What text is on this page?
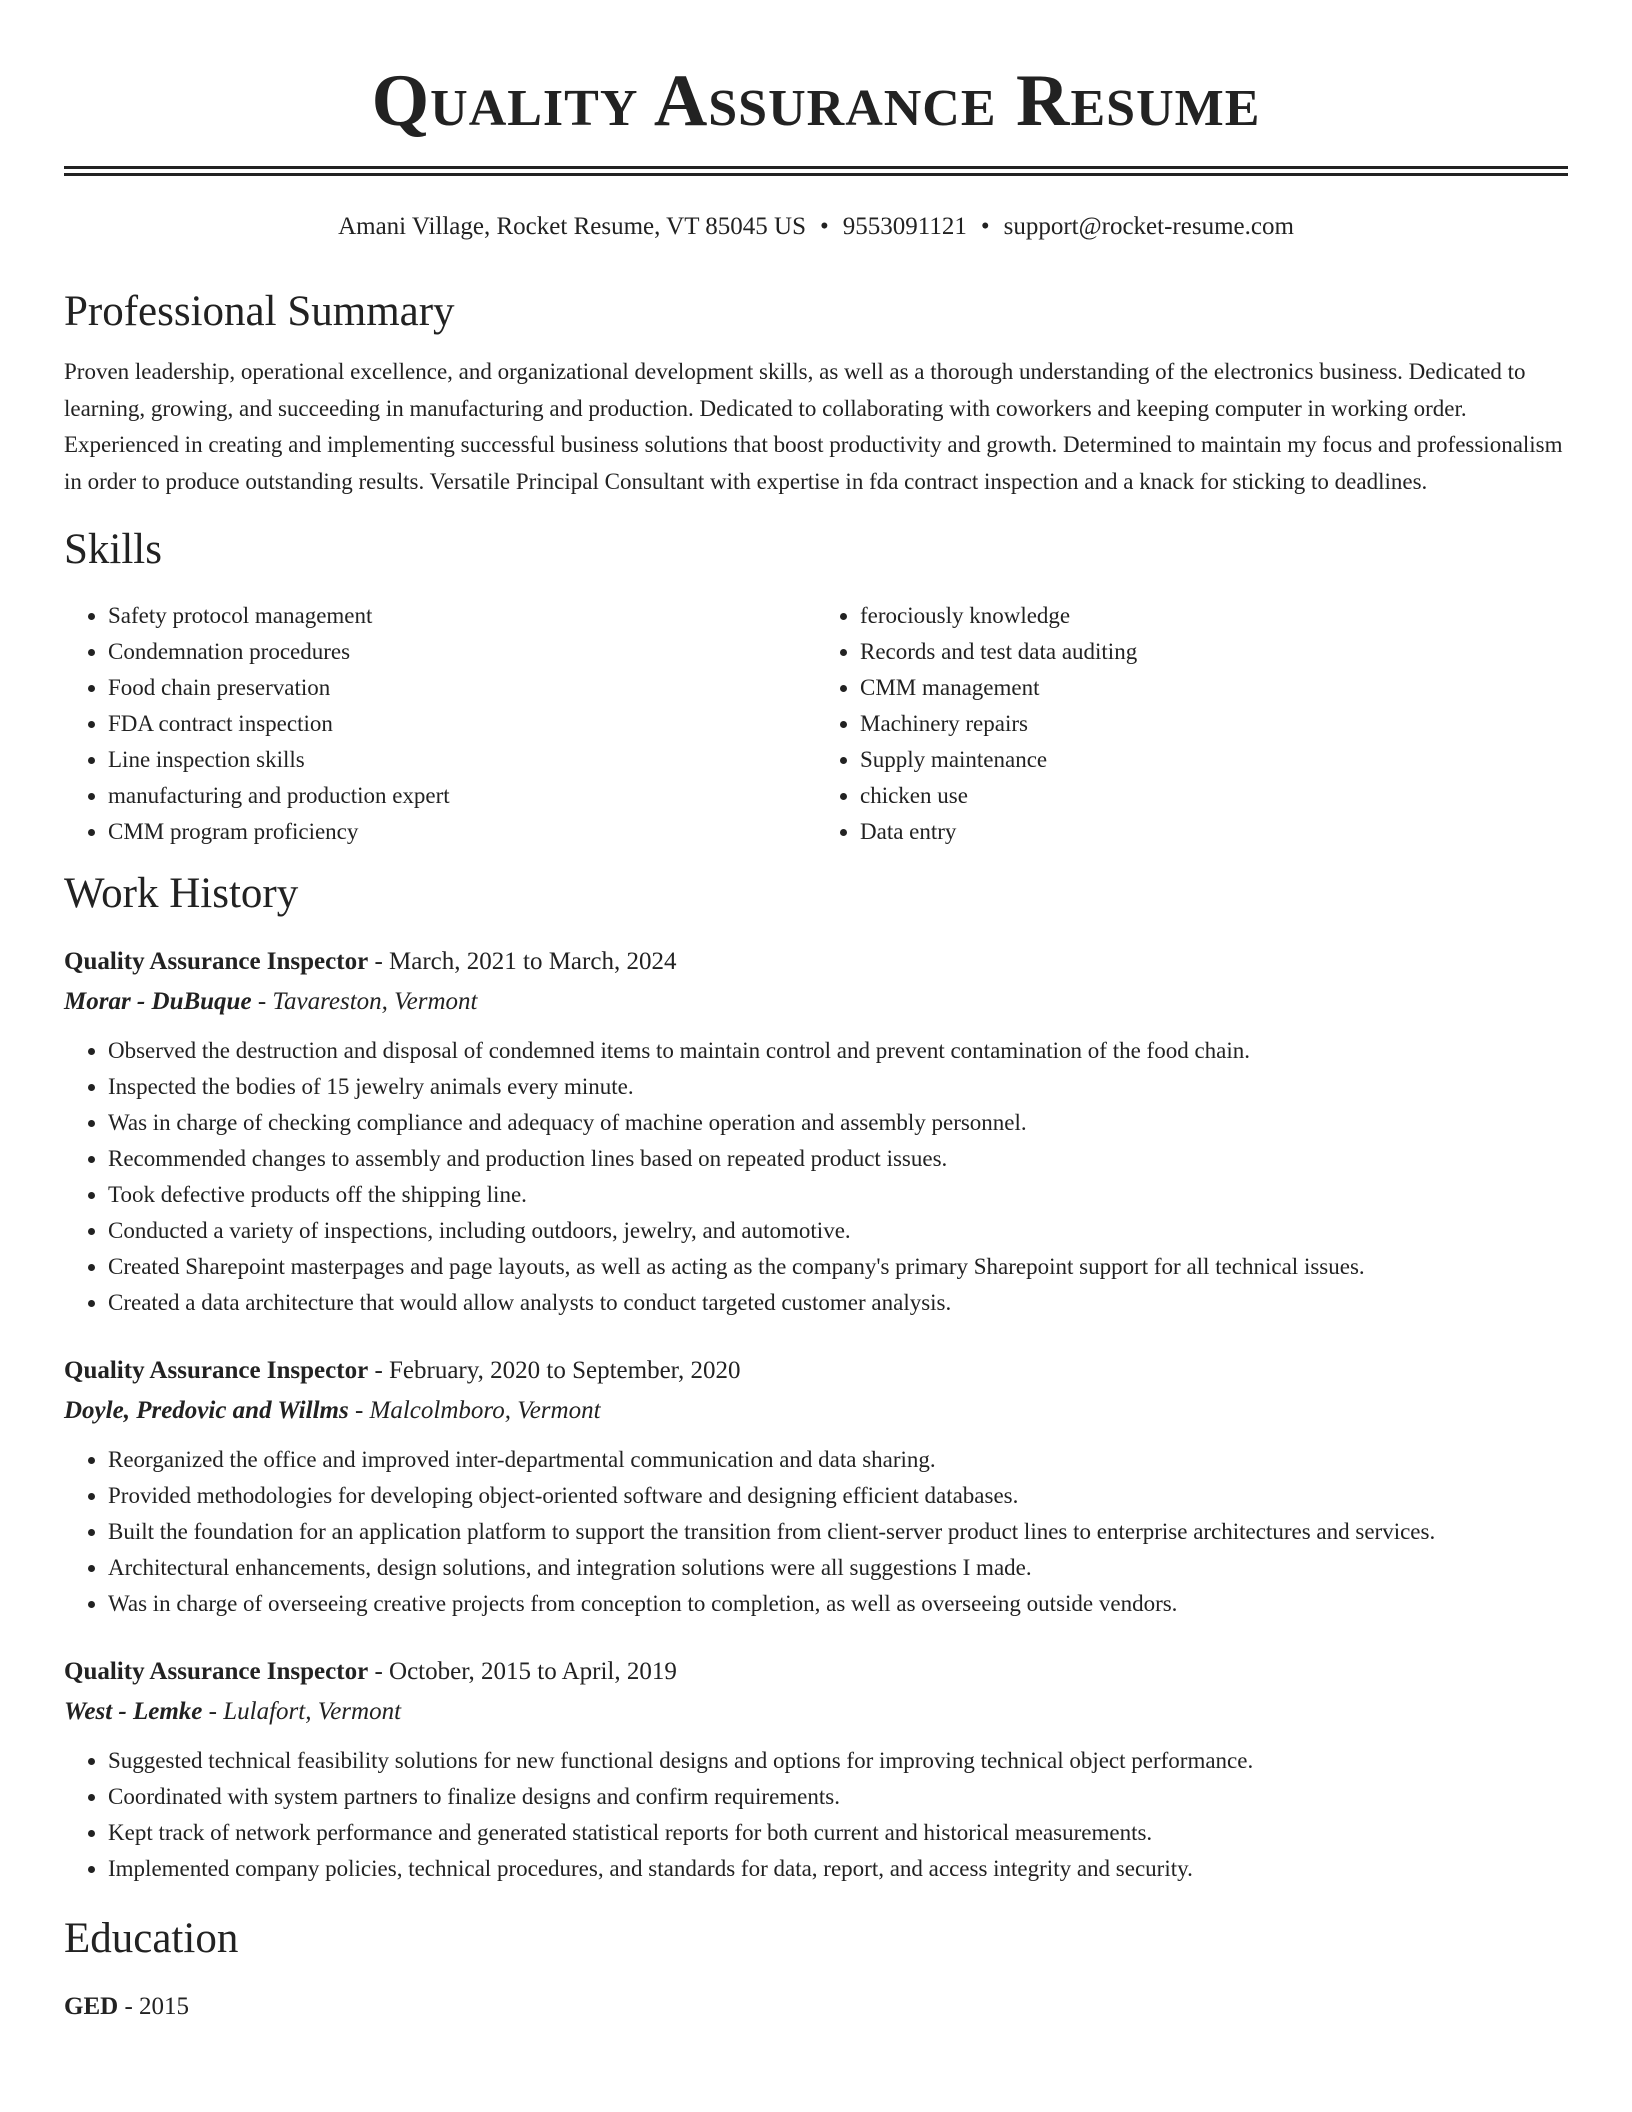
Quality Assurance Resume
Amani Village, Rocket Resume, VT 85045 US • 9553091121 • support@rocket-resume.com
Professional Summary

Proven leadership, operational excellence, and organizational development skills, as well as a thorough understanding of the electronics business. Dedicated to learning, growing, and succeeding in manufacturing and production. Dedicated to collaborating with coworkers and keeping computer in working order. Experienced in creating and implementing successful business solutions that boost productivity and growth. Determined to maintain my focus and professionalism in order to produce outstanding results. Versatile Principal Consultant with expertise in fda contract inspection and a knack for sticking to deadlines.

Skills
• Safety protocol management
• Condemnation procedures
• Food chain preservation
• FDA contract inspection
• Line inspection skills
• manufacturing and production expert
• CMM program proficiency
• ferociously knowledge
• Records and test data auditing
• CMM management
• Machinery repairs
• Supply maintenance
• chicken use
• Data entry
Work History
Quality Assurance Inspector - March, 2021 to March, 2024
Morar - DuBuque - Tavareston, Vermont
• Observed the destruction and disposal of condemned items to maintain control and prevent contamination of the food chain.
• Inspected the bodies of 15 jewelry animals every minute.
• Was in charge of checking compliance and adequacy of machine operation and assembly personnel.
• Recommended changes to assembly and production lines based on repeated product issues.
• Took defective products off the shipping line.
• Conducted a variety of inspections, including outdoors, jewelry, and automotive.
• Created Sharepoint masterpages and page layouts, as well as acting as the company's primary Sharepoint support for all technical issues.
• Created a data architecture that would allow analysts to conduct targeted customer analysis.
Quality Assurance Inspector - February, 2020 to September, 2020
Doyle, Predovic and Willms - Malcolmboro, Vermont
• Reorganized the office and improved inter-departmental communication and data sharing.
• Provided methodologies for developing object-oriented software and designing efficient databases.
• Built the foundation for an application platform to support the transition from client-server product lines to enterprise architectures and services.
• Architectural enhancements, design solutions, and integration solutions were all suggestions I made.
• Was in charge of overseeing creative projects from conception to completion, as well as overseeing outside vendors.
Quality Assurance Inspector - October, 2015 to April, 2019
West - Lemke - Lulafort, Vermont
• Suggested technical feasibility solutions for new functional designs and options for improving technical object performance.
• Coordinated with system partners to finalize designs and confirm requirements.
• Kept track of network performance and generated statistical reports for both current and historical measurements.
• Implemented company policies, technical procedures, and standards for data, report, and access integrity and security.
Education
GED - 2015
